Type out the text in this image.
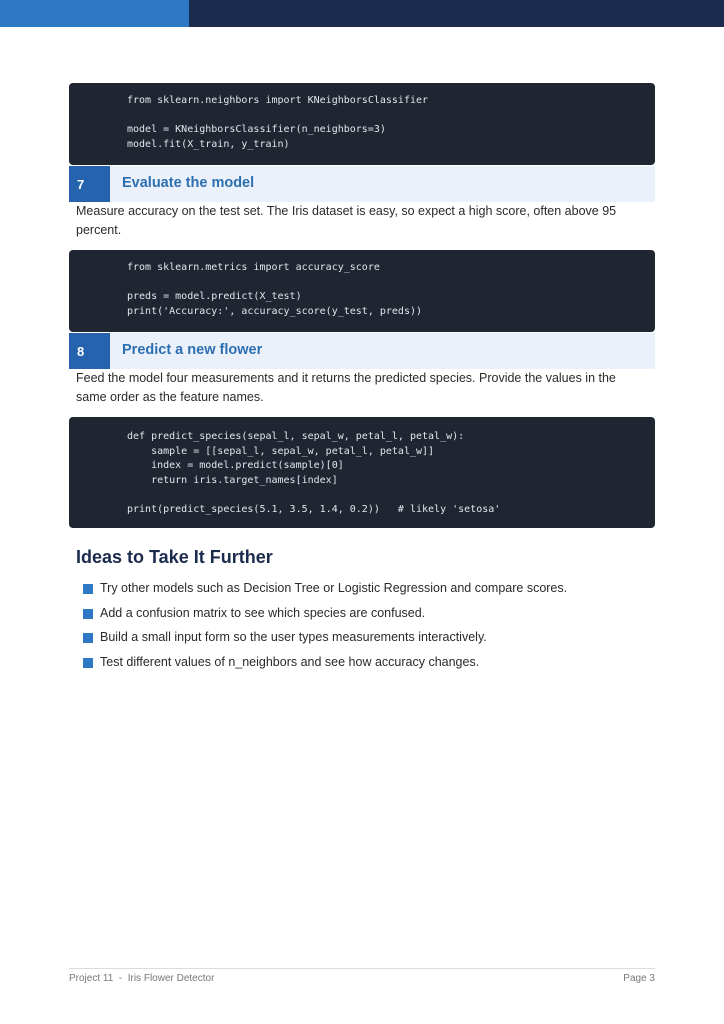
from sklearn.neighbors import KNeighborsClassifier
model = KNeighborsClassifier(n_neighbors=3)
model.fit(X_train, y_train)
7	Evaluate the model
Measure accuracy on the test set. The Iris dataset is easy, so expect a high score, often above 95 percent.
from sklearn.metrics import accuracy_score
preds = model.predict(X_test)
print('Accuracy:', accuracy_score(y_test, preds))
8	Predict a new flower
Feed the model four measurements and it returns the predicted species. Provide the values in the same order as the feature names.
def predict_species(sepal_l, sepal_w, petal_l, petal_w):
sample = [[sepal_l, sepal_w, petal_l, petal_w]]
index = model.predict(sample)[0]
return iris.target_names[index]
print(predict_species(5.1, 3.5, 1.4, 0.2))   # likely 'setosa'
Ideas to Take It Further
Try other models such as Decision Tree or Logistic Regression and compare scores.
Add a confusion matrix to see which species are confused.
Build a small input form so the user types measurements interactively.
Test different values of n_neighbors and see how accuracy changes.
Project 11  -  Iris Flower Detector	Page 3
